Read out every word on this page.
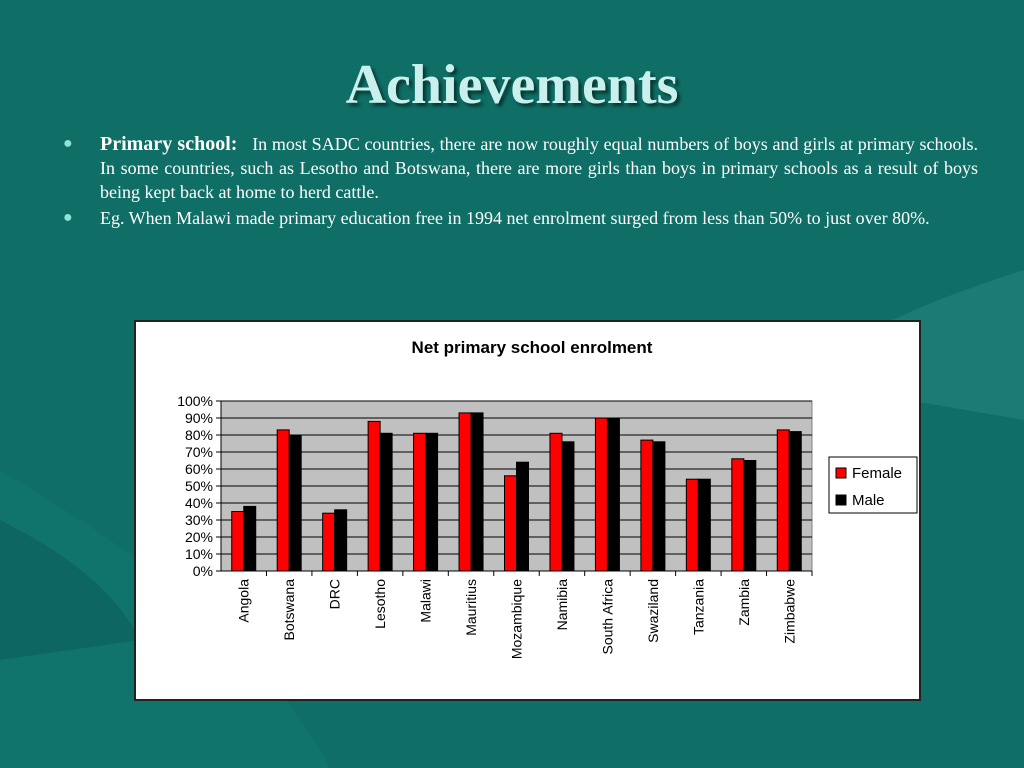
Achievements
● Primary school: In most SADC countries, there are now roughly equal numbers of boys and girls at primary schools. In some countries, such as Lesotho and Botswana, there are more girls than boys in primary schools as a result of boys being kept back at home to herd cattle.
● Eg. When Malawi made primary education free in 1994 net enrolment surged from less than 50% to just over 80%.
Net primary school enrolment
0%
10%
20%
30%
40%
50%
60%
70%
80%
90%
100%
Angola Botswana DRC Lesotho Malawi Mauritius Mozambique Namibia South Africa Swaziland Tanzania Zambia Zimbabwe
Female
Male
